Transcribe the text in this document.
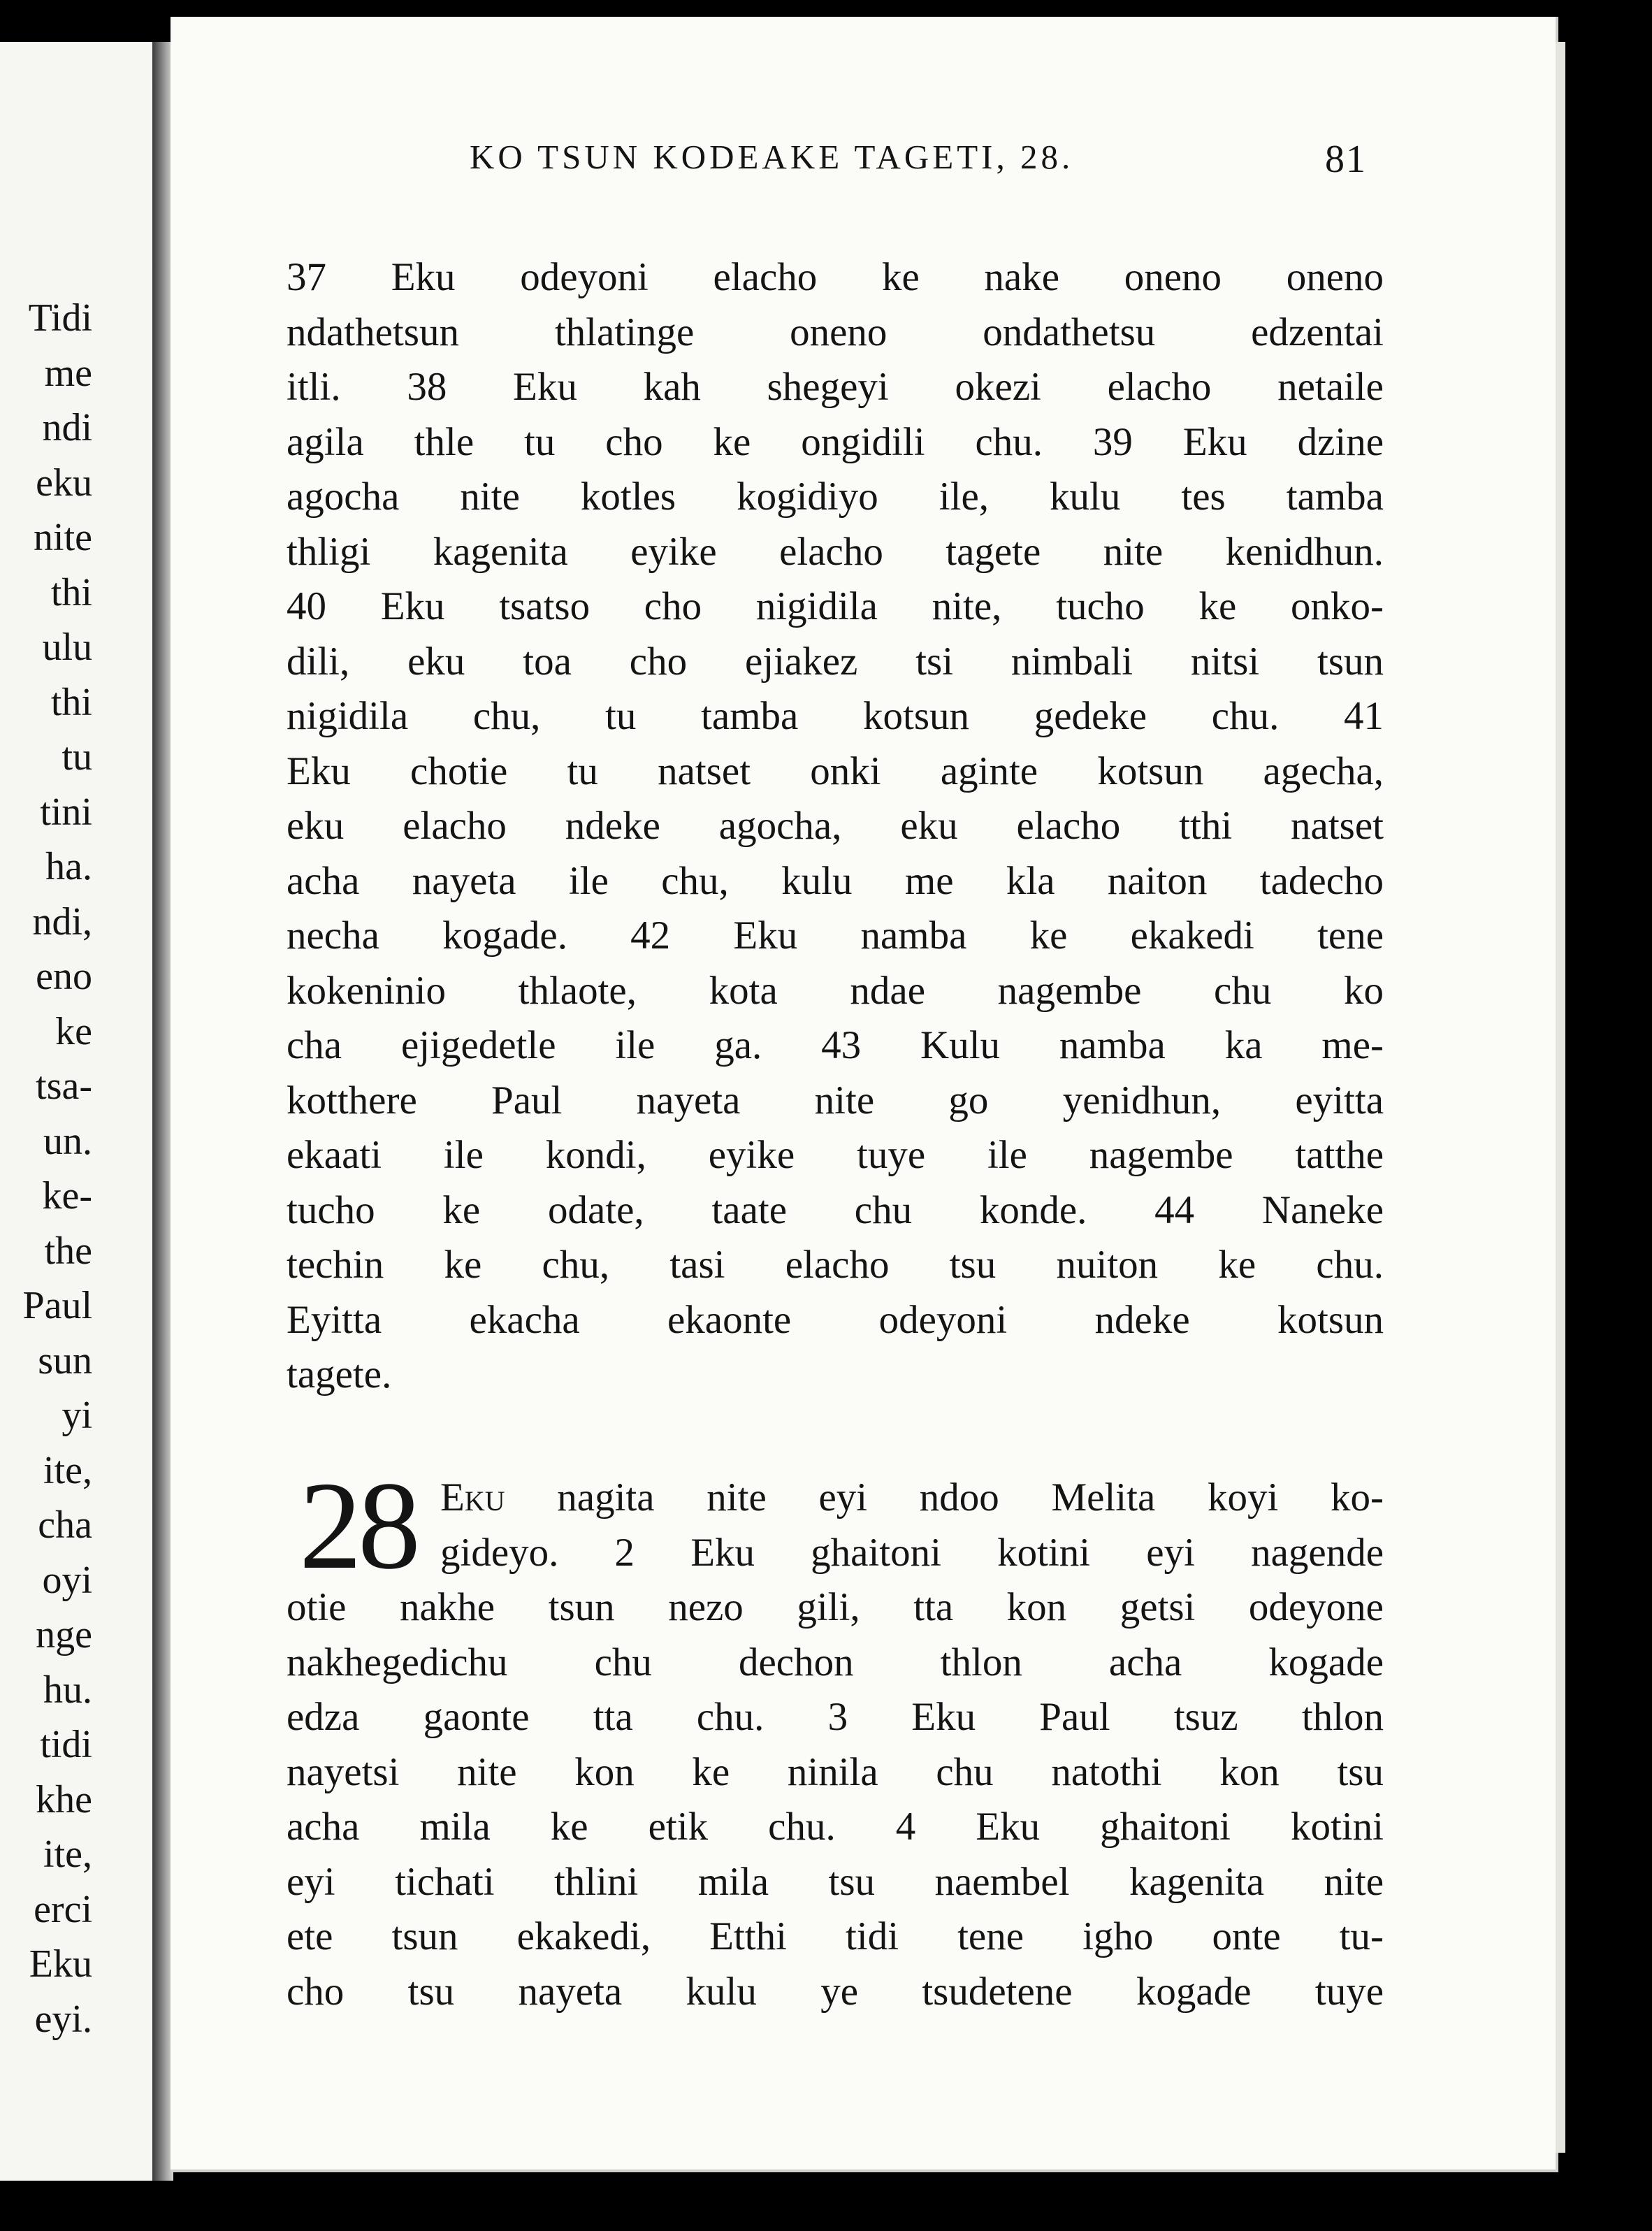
Tidi
me
ndi
eku
nite
thi
ulu
thi
tu
tini
ha.
ndi,
eno
ke
tsa-
un.
ke-
the
Paul
sun
yi
ite,
cha
oyi
nge
hu.
tidi
khe
ite,
erci
Eku
eyi.
KO TSUN KODEAKE TAGETI, 28.	81
37 Eku odeyoni elacho ke nake oneno oneno
ndathetsun thlatinge oneno ondathetsu edzentai
itli. 38 Eku kah shegeyi okezi elacho netaile
agila thle tu cho ke ongidili chu. 39 Eku dzine
agocha nite kotles kogidiyo ile, kulu tes tamba
thligi kagenita eyike elacho tagete nite kenidhun.
40 Eku tsatso cho nigidila nite, tucho ke onko-
dili, eku toa cho ejiakez tsi nimbali nitsi tsun
nigidila chu, tu tamba kotsun gedeke chu. 41
Eku chotie tu natset onki aginte kotsun agecha,
eku elacho ndeke agocha, eku elacho tthi natset
acha nayeta ile chu, kulu me kla naiton tadecho
necha kogade. 42 Eku namba ke ekakedi tene
kokeninio thlaote, kota ndae nagembe chu ko
cha ejigedetle ile ga. 43 Kulu namba ka me-
kotthere Paul nayeta nite go yenidhun, eyitta
ekaati ile kondi, eyike tuye ile nagembe tatthe
tucho ke odate, taate chu konde. 44 Naneke
techin ke chu, tasi elacho tsu nuiton ke chu.
Eyitta ekacha ekaonte odeyoni ndeke kotsun
tagete.
28 Eku nagita nite eyi ndoo Melita koyi ko-
gideyo. 2 Eku ghaitoni kotini eyi nagende
otie nakhe tsun nezo gili, tta kon getsi odeyone
nakhegedichu chu dechon thlon acha kogade
edza gaonte tta chu. 3 Eku Paul tsuz thlon
nayetsi nite kon ke ninila chu natothi kon tsu
acha mila ke etik chu. 4 Eku ghaitoni kotini
eyi tichati thlini mila tsu naembel kagenita nite
ete tsun ekakedi, Etthi tidi tene igho onte tu-
cho tsu nayeta kulu ye tsudetene kogade tuye
